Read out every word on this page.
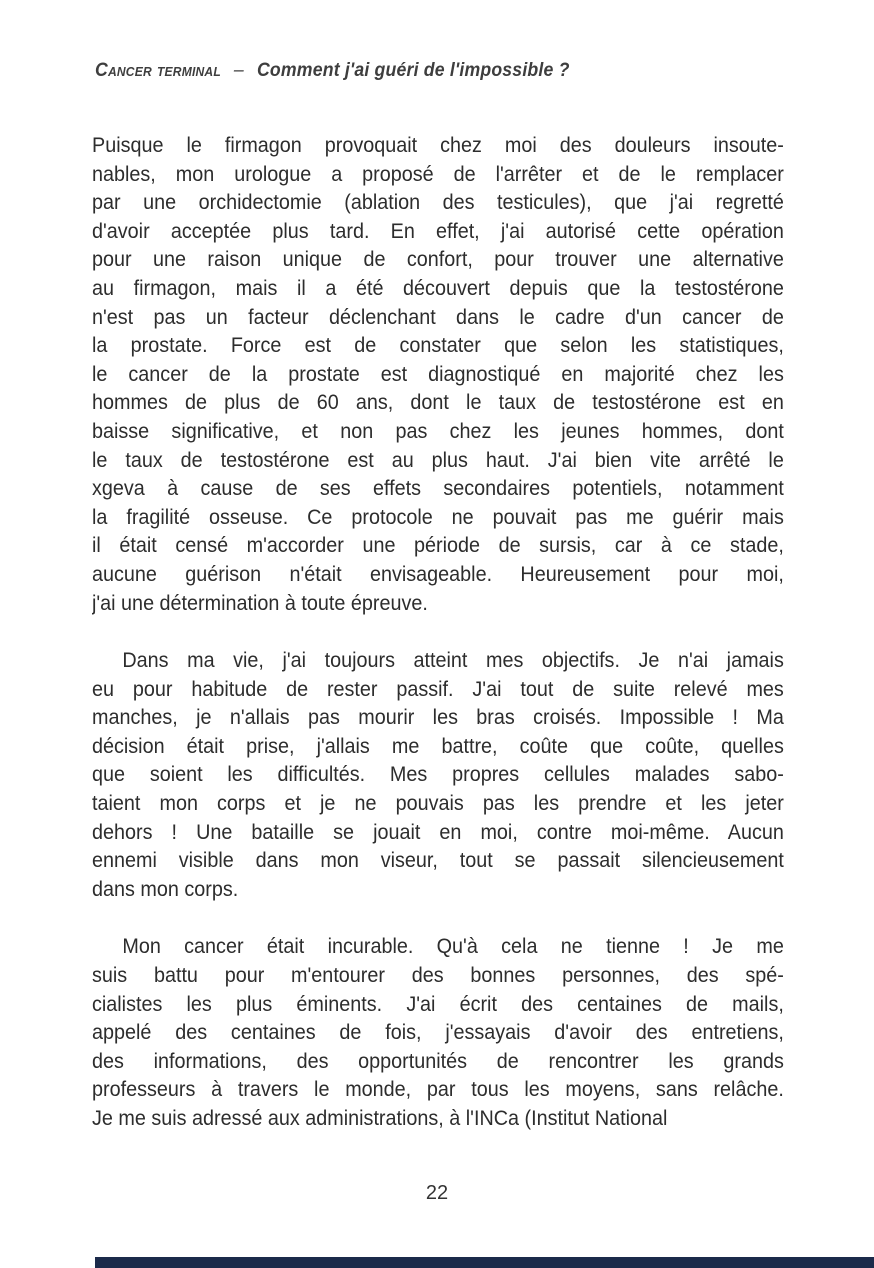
Cancer terminal – Comment j'ai guéri de l'impossible ?
Puisque le firmagon provoquait chez moi des douleurs insoute-
nables, mon urologue a proposé de l'arrêter et de le remplacer
par une orchidectomie (ablation des testicules), que j'ai regretté
d'avoir acceptée plus tard. En effet, j'ai autorisé cette opération
pour une raison unique de confort, pour trouver une alternative
au firmagon, mais il a été découvert depuis que la testostérone
n'est pas un facteur déclenchant dans le cadre d'un cancer de
la prostate. Force est de constater que selon les statistiques,
le cancer de la prostate est diagnostiqué en majorité chez les
hommes de plus de 60 ans, dont le taux de testostérone est en
baisse significative, et non pas chez les jeunes hommes, dont
le taux de testostérone est au plus haut. J'ai bien vite arrêté le
xgeva à cause de ses effets secondaires potentiels, notamment
la fragilité osseuse. Ce protocole ne pouvait pas me guérir mais
il était censé m'accorder une période de sursis, car à ce stade,
aucune guérison n'était envisageable. Heureusement pour moi,
j'ai une détermination à toute épreuve.
Dans ma vie, j'ai toujours atteint mes objectifs. Je n'ai jamais
eu pour habitude de rester passif. J'ai tout de suite relevé mes
manches, je n'allais pas mourir les bras croisés. Impossible ! Ma
décision était prise, j'allais me battre, coûte que coûte, quelles
que soient les difficultés. Mes propres cellules malades sabo-
taient mon corps et je ne pouvais pas les prendre et les jeter
dehors ! Une bataille se jouait en moi, contre moi-même. Aucun
ennemi visible dans mon viseur, tout se passait silencieusement
dans mon corps.
Mon cancer était incurable. Qu'à cela ne tienne ! Je me
suis battu pour m'entourer des bonnes personnes, des spé-
cialistes les plus éminents. J'ai écrit des centaines de mails,
appelé des centaines de fois, j'essayais d'avoir des entretiens,
des informations, des opportunités de rencontrer les grands
professeurs à travers le monde, par tous les moyens, sans relâche.
Je me suis adressé aux administrations, à l'INCa (Institut National
22
